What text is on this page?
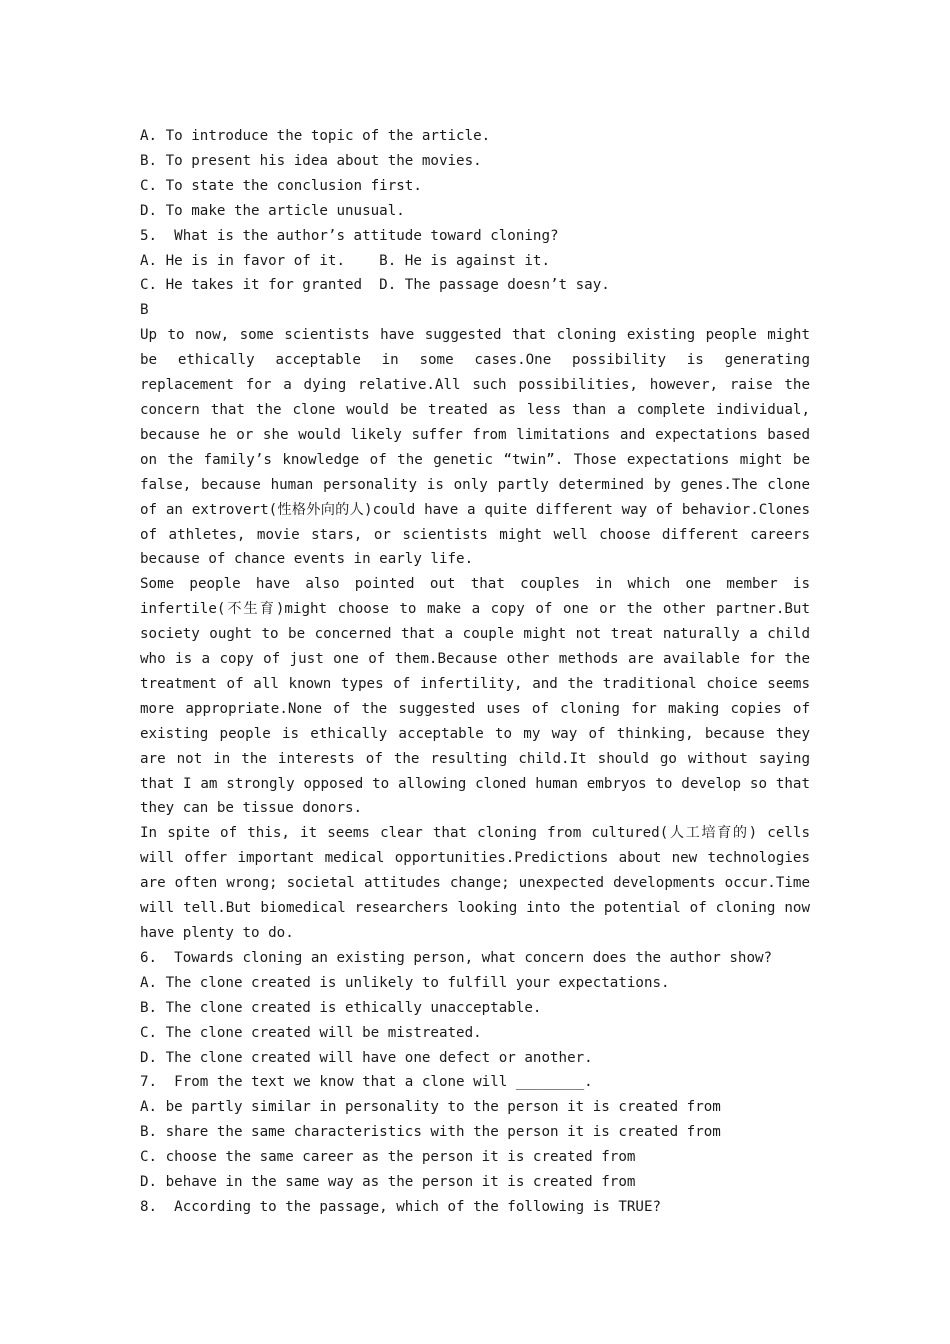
A. To introduce the topic of the article.

B. To present his idea about the movies.

C. To state the conclusion first.

D. To make the article unusual.

5.  What is the author’s attitude toward cloning?

A. He is in favor of it.    B. He is against it.

C. He takes it for granted  D. The passage doesn’t say.

B

Up to now, some scientists have suggested that cloning existing people might be ethically acceptable in some cases.One possibility is generating replacement for a dying relative.All such possibilities, however, raise the concern that the clone would be treated as less than a complete individual, because he or she would likely suffer from limitations and expectations based on the family’s knowledge of the genetic “twin”. Those expectations might be false, because human personality is only partly determined by genes.The clone of an extrovert(性格外向的人)could have a quite different way of behavior.Clones of athletes, movie stars, or scientists might well choose different careers because of chance events in early life.

Some people have also pointed out that couples in which one member is infertile(不生育)might choose to make a copy of one or the other partner.But society ought to be concerned that a couple might not treat naturally a child who is a copy of just one of them.Because other methods are available for the treatment of all known types of infertility, and the traditional choice seems more appropriate.None of the suggested uses of cloning for making copies of existing people is ethically acceptable to my way of thinking, because they are not in the interests of the resulting child.It should go without saying that I am strongly opposed to allowing cloned human embryos to develop so that they can be tissue donors.

In spite of this, it seems clear that cloning from cultured(人工培育的) cells will offer important medical opportunities.Predictions about new technologies are often wrong; societal attitudes change; unexpected developments occur.Time will tell.But biomedical researchers looking into the potential of cloning now have plenty to do.

6.  Towards cloning an existing person, what concern does the author show?

A. The clone created is unlikely to fulfill your expectations.

B. The clone created is ethically unacceptable.

C. The clone created will be mistreated.

D. The clone created will have one defect or another.

7.  From the text we know that a clone will ________.

A. be partly similar in personality to the person it is created from

B. share the same characteristics with the person it is created from

C. choose the same career as the person it is created from

D. behave in the same way as the person it is created from

8.  According to the passage, which of the following is TRUE?
